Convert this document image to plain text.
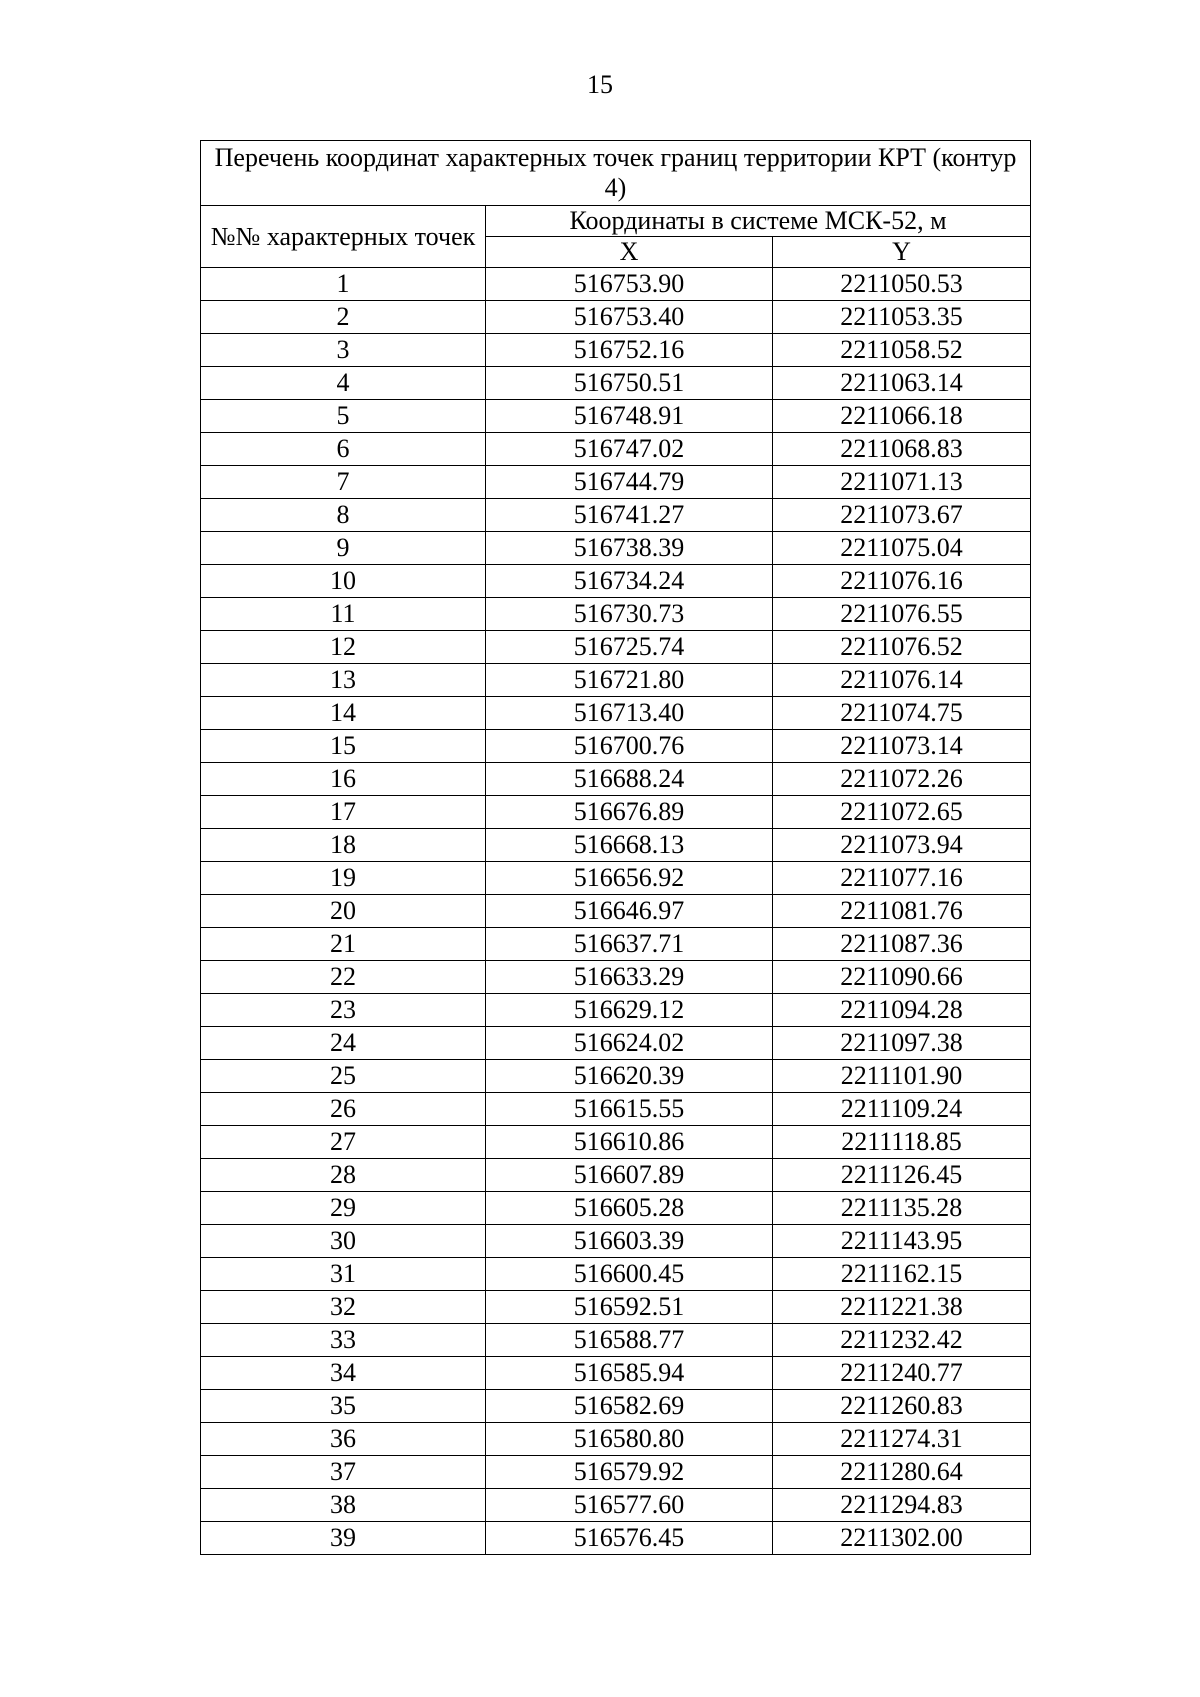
15
Перечень координат характерных точек границ территории КРТ (контур 4)		
№№ характерных точек	Координаты в системе МСК-52, м	
	X	Y
1	516753.90	2211050.53
2	516753.40	2211053.35
3	516752.16	2211058.52
4	516750.51	2211063.14
5	516748.91	2211066.18
6	516747.02	2211068.83
7	516744.79	2211071.13
8	516741.27	2211073.67
9	516738.39	2211075.04
10	516734.24	2211076.16
11	516730.73	2211076.55
12	516725.74	2211076.52
13	516721.80	2211076.14
14	516713.40	2211074.75
15	516700.76	2211073.14
16	516688.24	2211072.26
17	516676.89	2211072.65
18	516668.13	2211073.94
19	516656.92	2211077.16
20	516646.97	2211081.76
21	516637.71	2211087.36
22	516633.29	2211090.66
23	516629.12	2211094.28
24	516624.02	2211097.38
25	516620.39	2211101.90
26	516615.55	2211109.24
27	516610.86	2211118.85
28	516607.89	2211126.45
29	516605.28	2211135.28
30	516603.39	2211143.95
31	516600.45	2211162.15
32	516592.51	2211221.38
33	516588.77	2211232.42
34	516585.94	2211240.77
35	516582.69	2211260.83
36	516580.80	2211274.31
37	516579.92	2211280.64
38	516577.60	2211294.83
39	516576.45	2211302.00
